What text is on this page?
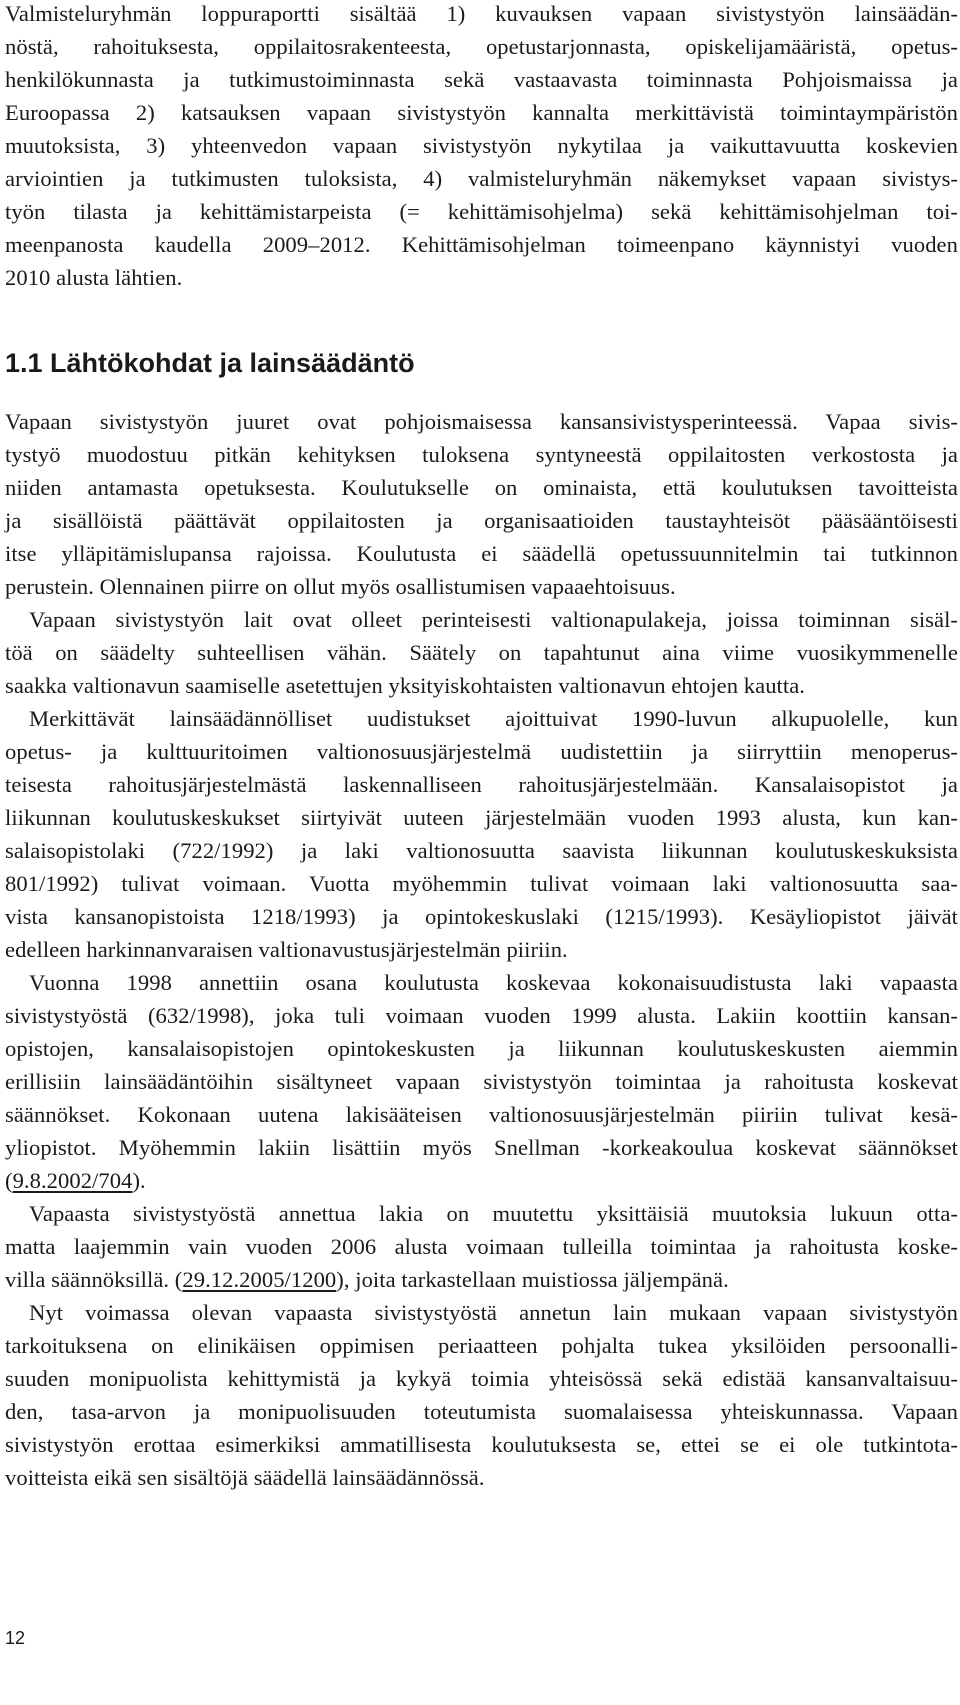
Valmisteluryhmän loppuraportti sisältää 1) kuvauksen vapaan sivistystyön lainsäädän-
nöstä, rahoituksesta, oppilaitosrakenteesta, opetustarjonnasta, opiskelijamääristä, opetus-
henkilökunnasta ja tutkimustoiminnasta sekä vastaavasta toiminnasta Pohjoismaissa ja
Euroopassa 2) katsauksen vapaan sivistystyön kannalta merkittävistä toimintaympäristön
muutoksista, 3) yhteenvedon vapaan sivistystyön nykytilaa ja vaikuttavuutta koskevien
arviointien ja tutkimusten tuloksista, 4) valmisteluryhmän näkemykset vapaan sivistys-
työn tilasta ja kehittämistarpeista (= kehittämisohjelma) sekä kehittämisohjelman toi-
meenpanosta kaudella 2009–2012. Kehittämisohjelman toimeenpano käynnistyi vuoden
2010 alusta lähtien.
1.1 Lähtökohdat ja lainsäädäntö
Vapaan sivistystyön juuret ovat pohjoismaisessa kansansivistysperinteessä. Vapaa sivis-
tystyö muodostuu pitkän kehityksen tuloksena syntyneestä oppilaitosten verkostosta ja
niiden antamasta opetuksesta. Koulutukselle on ominaista, että koulutuksen tavoitteista
ja sisällöistä päättävät oppilaitosten ja organisaatioiden taustayhteisöt pääsääntöisesti
itse ylläpitämislupansa rajoissa. Koulutusta ei säädellä opetussuunnitelmin tai tutkinnon
perustein. Olennainen piirre on ollut myös osallistumisen vapaaehtoisuus.
Vapaan sivistystyön lait ovat olleet perinteisesti valtionapulakeja, joissa toiminnan sisäl-
töä on säädelty suhteellisen vähän. Säätely on tapahtunut aina viime vuosikymmenelle
saakka valtionavun saamiselle asetettujen yksityiskohtaisten valtionavun ehtojen kautta.
Merkittävät lainsäädännölliset uudistukset ajoittuivat 1990-luvun alkupuolelle, kun
opetus- ja kulttuuritoimen valtionosuusjärjestelmä uudistettiin ja siirryttiin menoperus-
teisesta rahoitusjärjestelmästä laskennalliseen rahoitusjärjestelmään. Kansalaisopistot ja
liikunnan koulutuskeskukset siirtyivät uuteen järjestelmään vuoden 1993 alusta, kun kan-
salaisopistolaki (722/1992) ja laki valtionosuutta saavista liikunnan koulutuskeskuksista
801/1992) tulivat voimaan. Vuotta myöhemmin tulivat voimaan laki valtionosuutta saa-
vista kansanopistoista 1218/1993) ja opintokeskuslaki (1215/1993). Kesäyliopistot jäivät
edelleen harkinnanvaraisen valtionavustusjärjestelmän piiriin.
Vuonna 1998 annettiin osana koulutusta koskevaa kokonaisuudistusta laki vapaasta
sivistystyöstä (632/1998), joka tuli voimaan vuoden 1999 alusta. Lakiin koottiin kansan-
opistojen, kansalaisopistojen opintokeskusten ja liikunnan koulutuskeskusten aiemmin
erillisiin lainsäädäntöihin sisältyneet vapaan sivistystyön toimintaa ja rahoitusta koskevat
säännökset. Kokonaan uutena lakisääteisen valtionosuusjärjestelmän piiriin tulivat kesä-
yliopistot. Myöhemmin lakiin lisättiin myös Snellman -korkeakoulua koskevat säännökset
(9.8.2002/704).
Vapaasta sivistystyöstä annettua lakia on muutettu yksittäisiä muutoksia lukuun otta-
matta laajemmin vain vuoden 2006 alusta voimaan tulleilla toimintaa ja rahoitusta koske-
villa säännöksillä. (29.12.2005/1200), joita tarkastellaan muistiossa jäljempänä.
Nyt voimassa olevan vapaasta sivistystyöstä annetun lain mukaan vapaan sivistystyön
tarkoituksena on elinikäisen oppimisen periaatteen pohjalta tukea yksilöiden persoonalli-
suuden monipuolista kehittymistä ja kykyä toimia yhteisössä sekä edistää kansanvaltaisuu-
den, tasa-arvon ja monipuolisuuden toteutumista suomalaisessa yhteiskunnassa. Vapaan
sivistystyön erottaa esimerkiksi ammatillisesta koulutuksesta se, ettei se ei ole tutkintota-
voitteista eikä sen sisältöjä säädellä lainsäädännössä.
12
